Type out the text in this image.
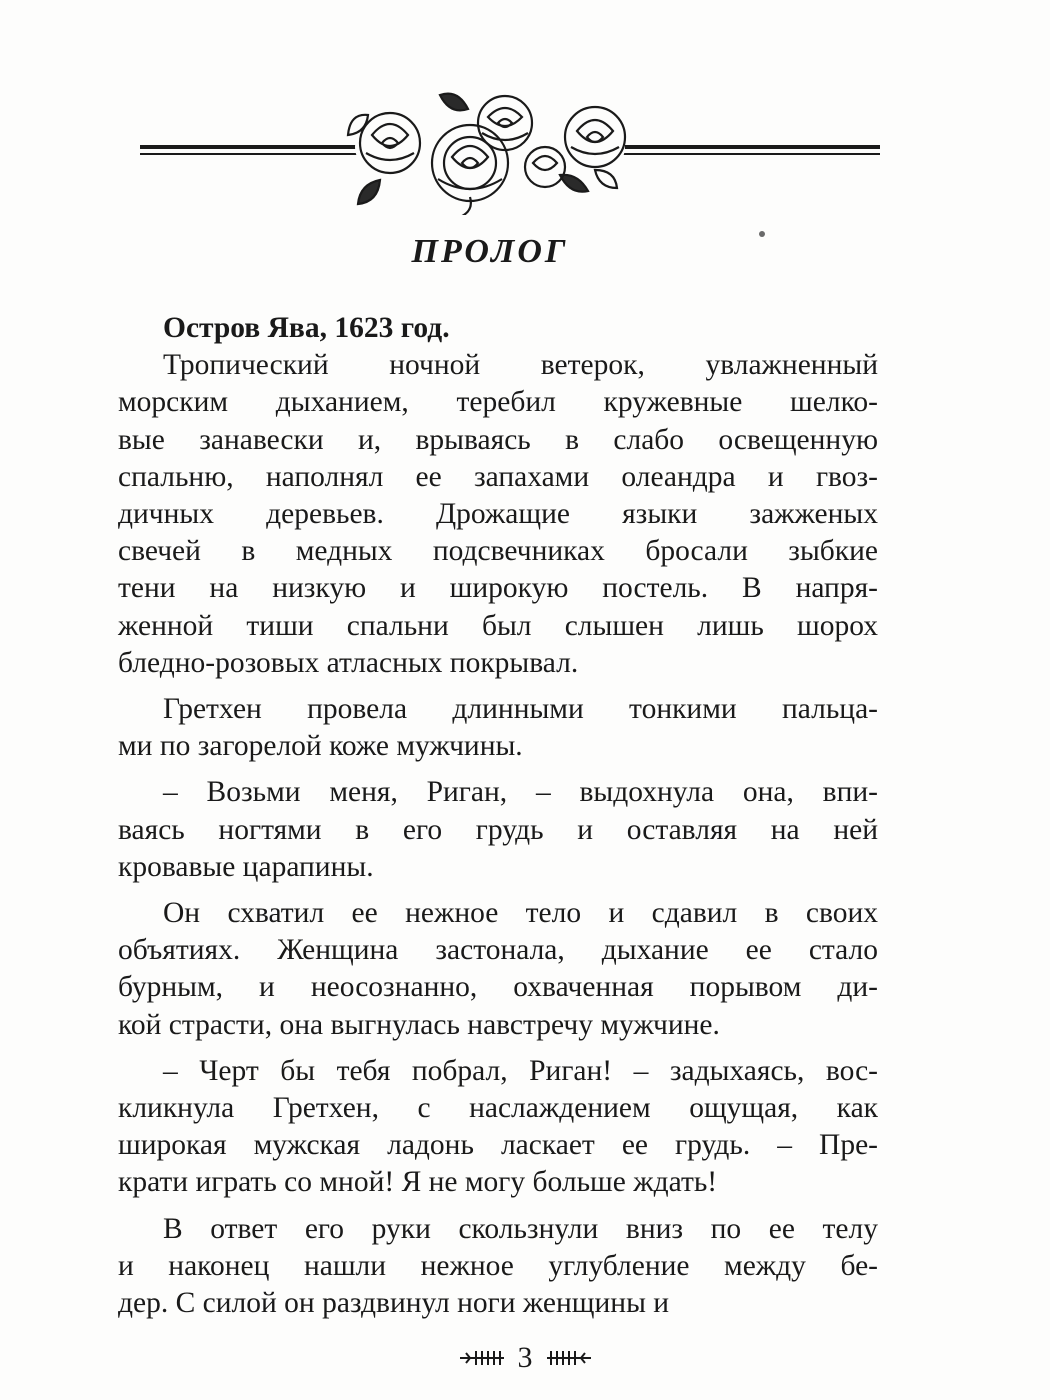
ПРОЛОГ
Остров Ява, 1623 год.
Тропический ночной ветерок, увлажненный
морским дыханием, теребил кружевные шелко-
вые занавески и, врываясь в слабо освещенную
спальню, наполнял ее запахами олеандра и гвоз-
дичных деревьев. Дрожащие языки зажженых
свечей в медных подсвечниках бросали зыбкие
тени на низкую и широкую постель. В напря-
женной тиши спальни был слышен лишь шорох
бледно-розовых атласных покрывал.
Гретхен провела длинными тонкими пальца-
ми по загорелой коже мужчины.
– Возьми меня, Риган, – выдохнула она, впи-
ваясь ногтями в его грудь и оставляя на ней
кровавые царапины.
Он схватил ее нежное тело и сдавил в своих
объятиях. Женщина застонала, дыхание ее стало
бурным, и неосознанно, охваченная порывом ди-
кой страсти, она выгнулась навстречу мужчине.
– Черт бы тебя побрал, Риган! – задыхаясь, вос-
кликнула Гретхен, с наслаждением ощущая, как
широкая мужская ладонь ласкает ее грудь. – Пре-
крати играть со мной! Я не могу больше ждать!
В ответ его руки скользнули вниз по ее телу
и наконец нашли нежное углубление между бе-
дер. С силой он раздвинул ноги женщины и
3
